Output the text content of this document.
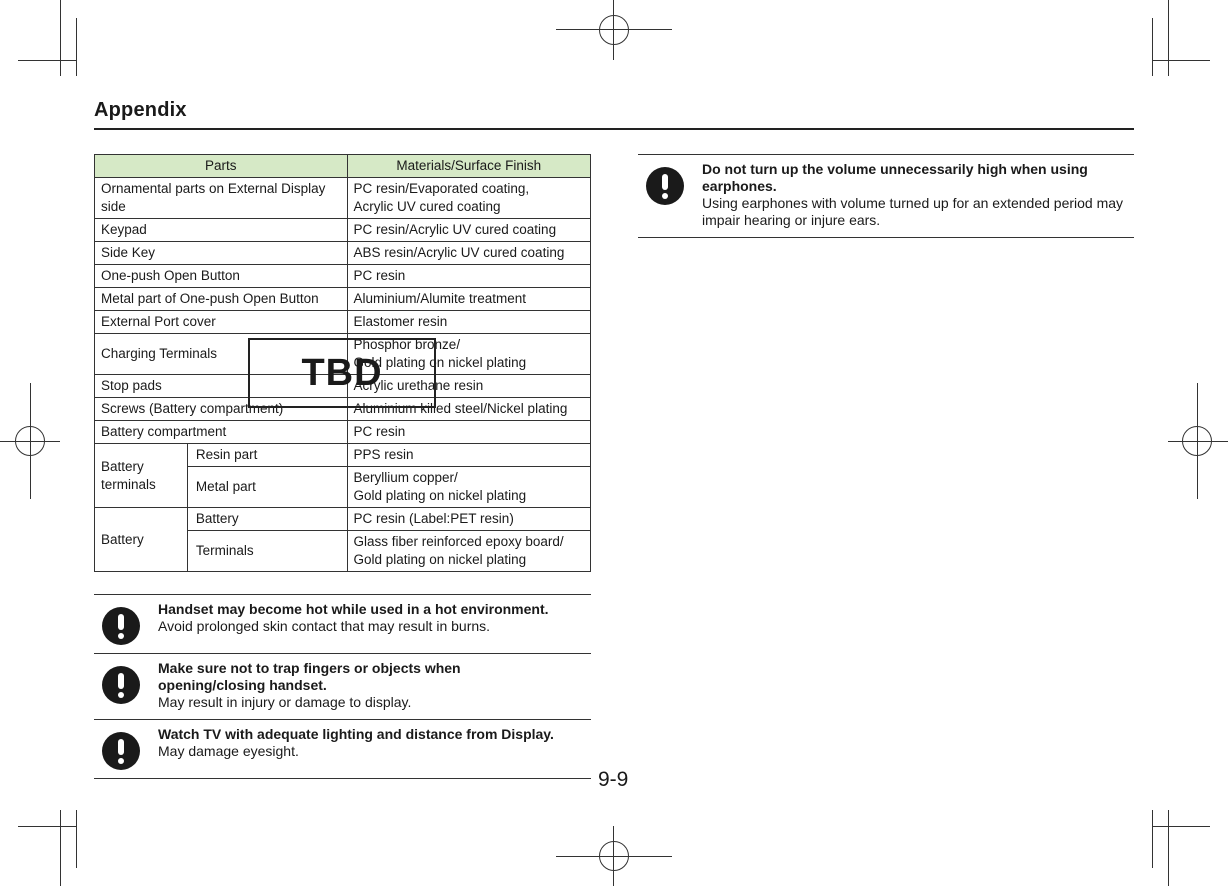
Appendix
Parts		Materials/Surface Finish
Ornamental parts on External Display side		PC resin/Evaporated coating,
Acrylic UV cured coating
Keypad		PC resin/Acrylic UV cured coating
Side Key		ABS resin/Acrylic UV cured coating
One-push Open Button		PC resin
Metal part of One-push Open Button		Aluminium/Alumite treatment
External Port cover		Elastomer resin
Charging Terminals		Phosphor bronze/
Gold plating on nickel plating
Stop pads		Acrylic urethane resin
Screws (Battery compartment)		Aluminium killed steel/Nickel plating
Battery compartment		PC resin
Battery terminals	Resin part	PPS resin
	Metal part	Beryllium copper/
Gold plating on nickel plating
Battery	Battery	PC resin (Label:PET resin)
	Terminals	Glass fiber reinforced epoxy board/
Gold plating on nickel plating
TBD
Handset may become hot while used in a hot environment.
Avoid prolonged skin contact that may result in burns.
Make sure not to trap fingers or objects when
opening/closing handset.
May result in injury or damage to display.
Watch TV with adequate lighting and distance from Display.
May damage eyesight.
Do not turn up the volume unnecessarily high when using
earphones.
Using earphones with volume turned up for an extended period may
impair hearing or injure ears.
9-9
